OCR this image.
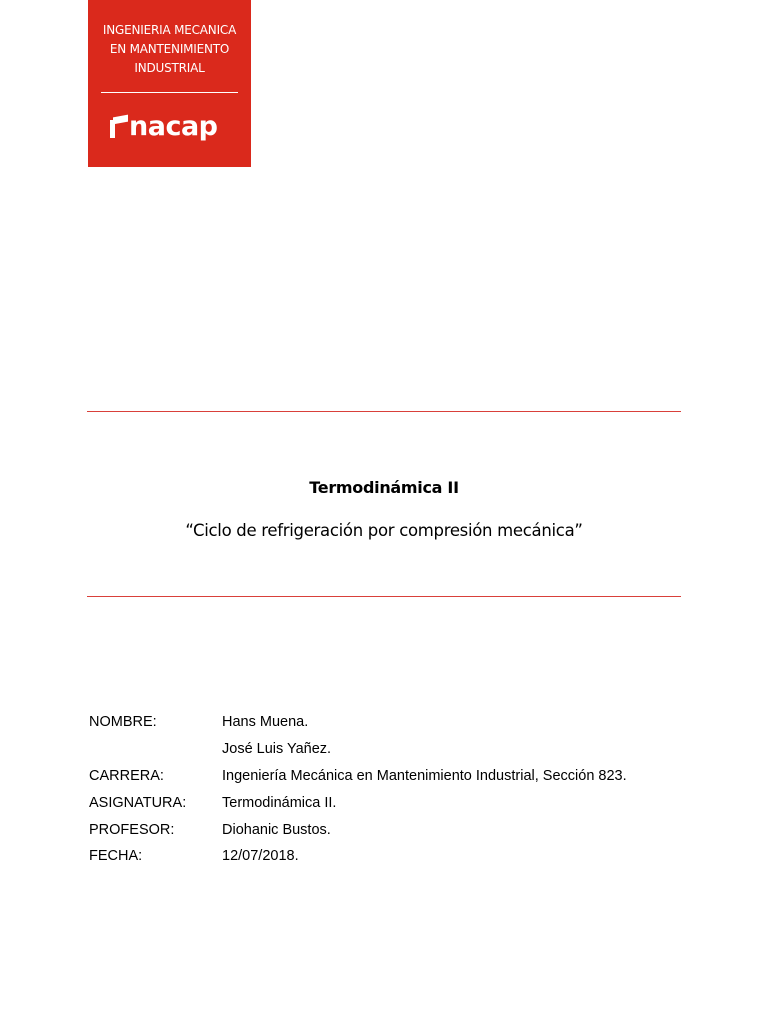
INGENIERIA MECANICA
EN MANTENIMIENTO
INDUSTRIAL
nacap
Termodinámica II
“Ciclo de refrigeración por compresión mecánica”
NOMBRE:	Hans Muena.
José Luis Yañez.
CARRERA:	Ingeniería Mecánica en Mantenimiento Industrial, Sección 823.
ASIGNATURA:	Termodinámica II.
PROFESOR:	Diohanic Bustos.
FECHA:	12/07/2018.
